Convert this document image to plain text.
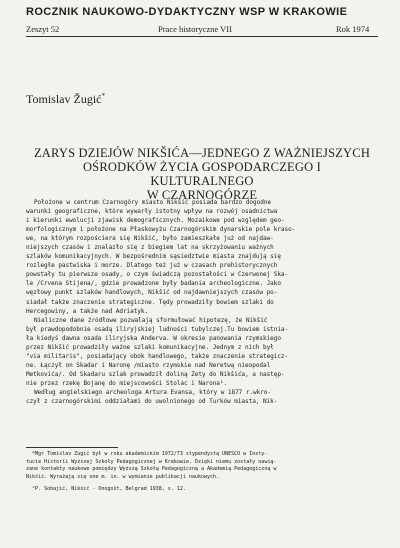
ROCZNIK NAUKOWO-DYDAKTYCZNY WSP W KRAKOWIE
Zeszyt 52	Prace historyczne VII	Rok 1974
Tomislav Žugić*
ZARYS DZIEJÓW NIKŠIĆA—JEDNEGO Z WAŻNIEJSZYCH
OŚRODKÓW ŻYCIA GOSPODARCZEGO I KULTURALNEGO
W CZARNOGÓRZE
Położone w centrum Czarnogóry miasto Nikšić posiada bardzo dogodne
warunki geograficzne, które wywarły istotny wpływ na rozwój osadnictwa
i kierunki ewolucji zjawisk demograficznych. Mozaikowe pod względem geo-
morfologicznym i położone na Płaskowyżu Czarnogórskim dynarskie pole kraso-
we, na którym rozpościera się Nikšić, było zamieszkałe już od najdaw-
niejszych czasów i znalazło się z biegiem lat na skrzyżowaniu ważnych
szlaków komunikacyjnych. W bezpośrednim sąsiedztwie miasta znajdują się
rozległe pastwiska i morze. Dlatego też już w czasach prehistorycznych
powstały tu pierwsze osady, o czym świadczą pozostałości w Czerwonej Ska-
le /Crvena Stijena/, gdzie prowadzone były badania archeologiczne. Jako
węzłowy punkt szlaków handlowych, Nikšić od najdawniejszych czasów po-
siadał także znaczenie strategiczne. Tędy prowadziły bowiem szlaki do
Hercegowiny, a także nad Adriatyk.
Nieliczne dane źródłowe pozwalają sformułować hipotezę, że Nikšić
był prawdopodobnie osadą iliryjskiej ludności tubylczej.Tu bowiem istnia-
ła kiedyś dawna osada iliryjska Anderva. W okresie panowania rzymskiego
przez Nikšić prowadziły ważne szlaki komunikacyjne. Jednym z nich był
"via militaris", posiadający obok handlowego, także znaczenie strategicz-
ne. Łączył on Skadar i Naronę /miasto rzymskie nad Neretwą nieopodal
Metkovića/. Od Skadaru szlak prowadził doliną Zety do Nikšića, a następ-
nie przez rzekę Bojanę do miejscowości Stolac i Narona¹.
Według angielskiego archeologa Artura Evansa, który w 1877 r.wkro-
czył z czarnogórskimi oddziałami do uwolnionego od Turków miasta, Nik-
*Mgr Tomislav Žugić był w roku akademickim 1972/73 stypendystą UNESCO w Insty-
tucie Historii Wyższej Szkoły Pedagogicznej w Krakowie. Dzięki niemu zostały nawią-
zane kontakty naukowe pomiędzy Wyższą Szkołą Pedagogiczną a Akademią Pedagogiczną w
Nikšić. Wyrażają się one m. in. w wymianie publikacji naukowych.
¹P. Šobajić, Nikšić - Onogošt, Belgrad 1938, s. 12.
